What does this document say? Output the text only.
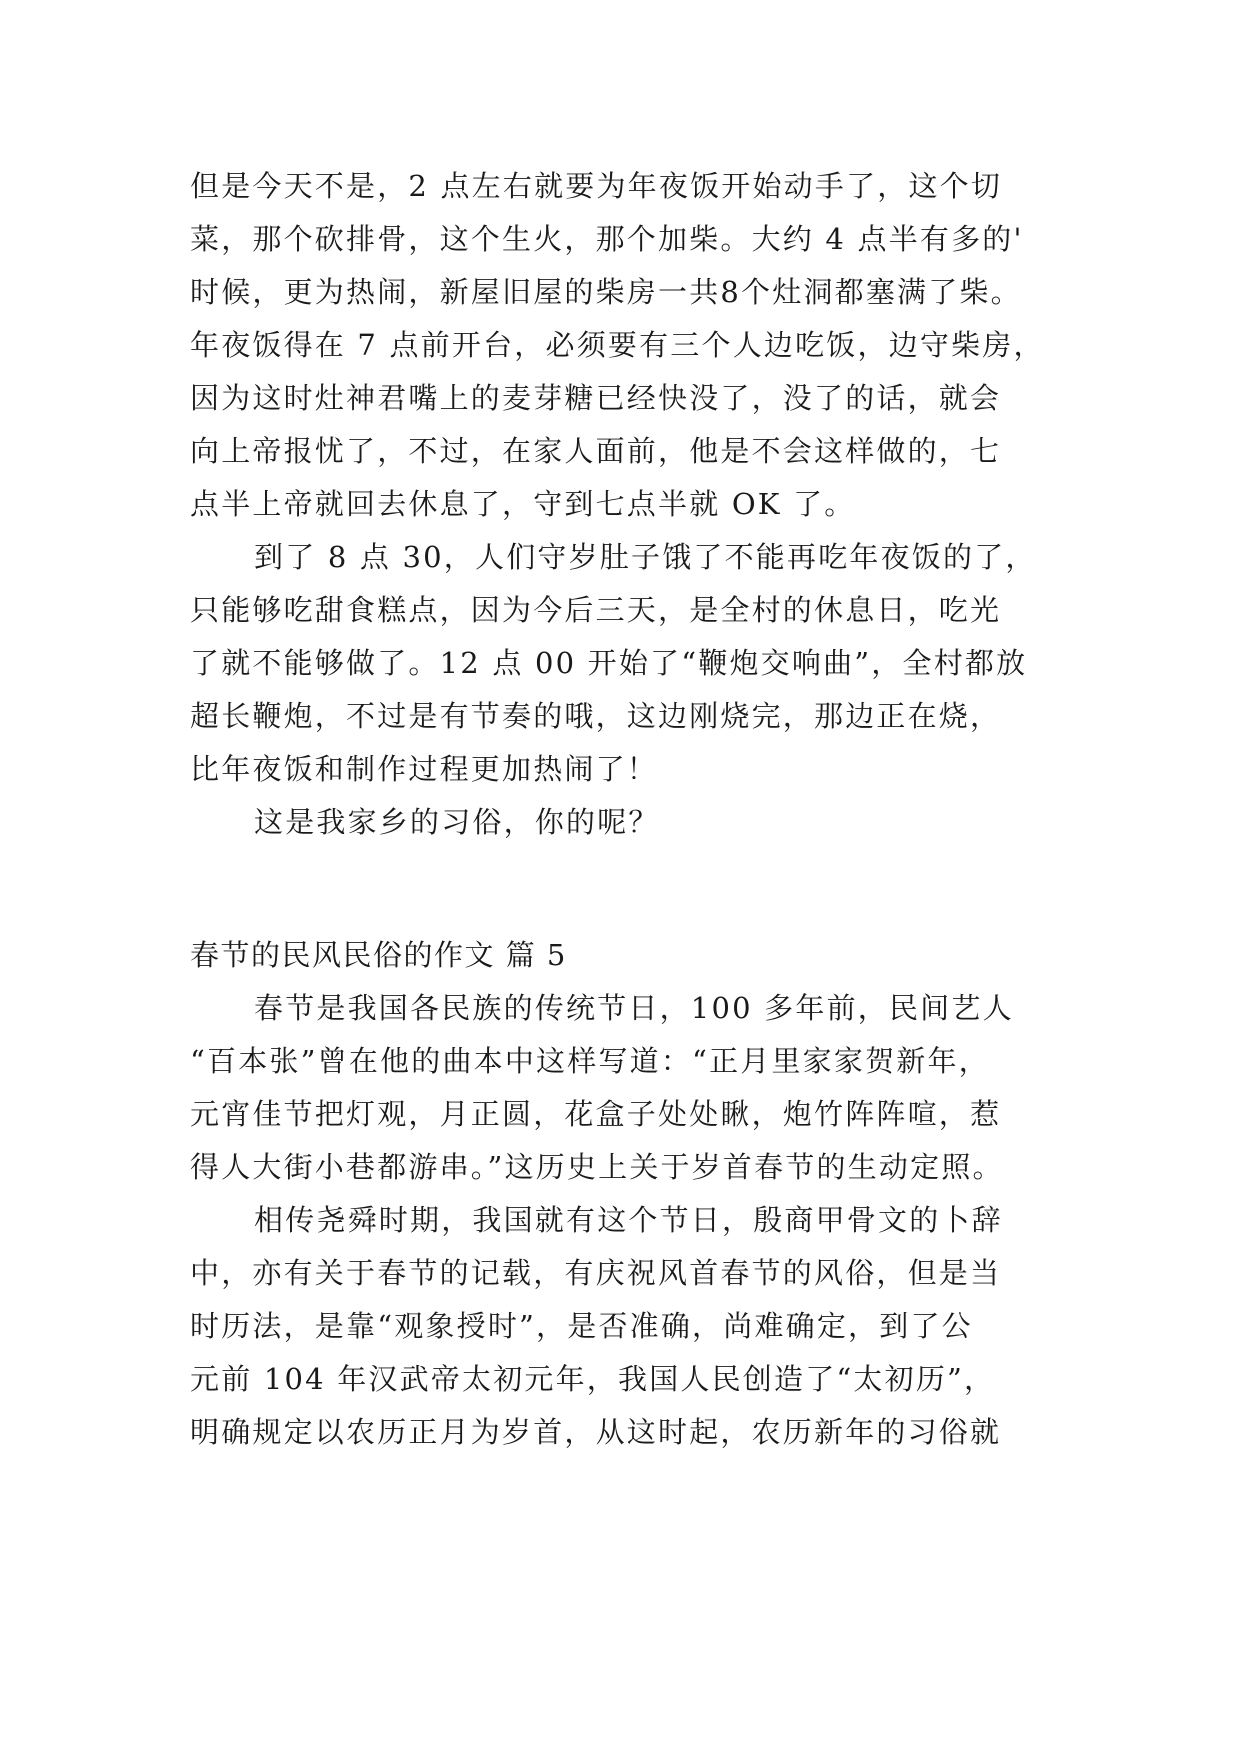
但是今天不是，2 点左右就要为年夜饭开始动手了，这个切
菜，那个砍排骨，这个生火，那个加柴。大约 4 点半有多的'
时候，更为热闹，新屋旧屋的柴房一共8个灶洞都塞满了柴。
年夜饭得在 7 点前开台，必须要有三个人边吃饭，边守柴房，
因为这时灶神君嘴上的麦芽糖已经快没了，没了的话，就会
向上帝报忧了，不过，在家人面前，他是不会这样做的，七
点半上帝就回去休息了，守到七点半就 OK 了。
到了 8 点 30，人们守岁肚子饿了不能再吃年夜饭的了，
只能够吃甜食糕点，因为今后三天，是全村的休息日，吃光
了就不能够做了。12 点 00 开始了“鞭炮交响曲”，全村都放
超长鞭炮，不过是有节奏的哦，这边刚烧完，那边正在烧，
比年夜饭和制作过程更加热闹了！
这是我家乡的习俗，你的呢？
春节的民风民俗的作文 篇 5
春节是我国各民族的传统节日，100 多年前，民间艺人
“百本张”曾在他的曲本中这样写道：“正月里家家贺新年，
元宵佳节把灯观，月正圆，花盒子处处瞅，炮竹阵阵喧，惹
得人大街小巷都游串。”这历史上关于岁首春节的生动定照。
相传尧舜时期，我国就有这个节日，殷商甲骨文的卜辞
中，亦有关于春节的记载，有庆祝风首春节的风俗，但是当
时历法，是靠“观象授时”，是否准确，尚难确定，到了公
元前 104 年汉武帝太初元年，我国人民创造了“太初历”，
明确规定以农历正月为岁首，从这时起，农历新年的习俗就
